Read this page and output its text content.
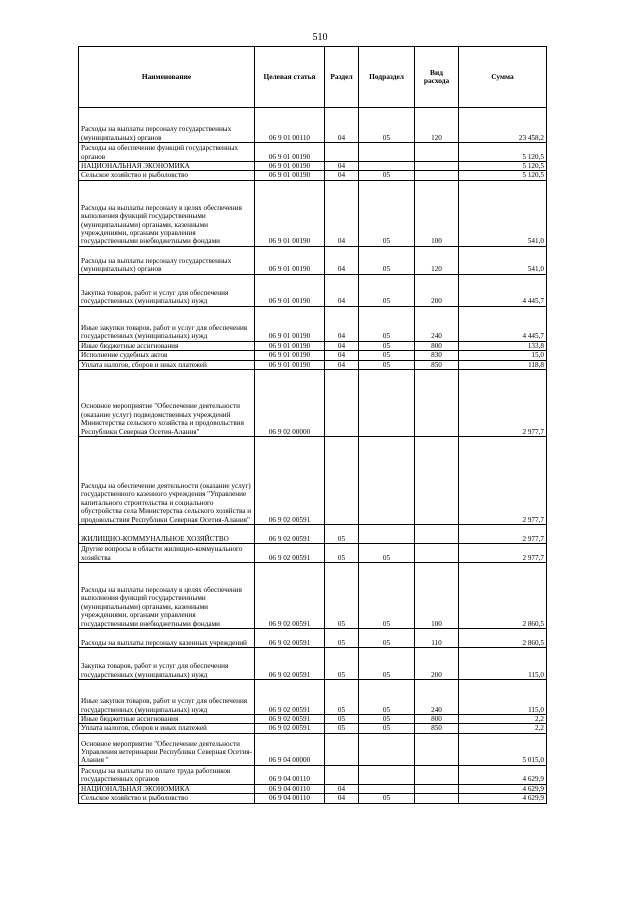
510
Наименование	Целевая статья	Раздел	Подраздел	Вид расхода	Сумма
Расходы на выплаты персоналу государственных (муниципальных) органов	06 9 01 00110	04	05	120	23 458,2
Расходы на обеспечение функций государственных органов	06 9 01 00190				5 120,5
НАЦИОНАЛЬНАЯ ЭКОНОМИКА	06 9 01 00190	04			5 120,5
Сельское хозяйство и рыболовство	06 9 01 00190	04	05		5 120,5
Расходы на выплаты персоналу в целях обеспечения выполнения функций государственными (муниципальными) органами, казенными учреждениями, органами управления государственными внебюджетными фондами	06 9 01 00190	04	05	100	541,0
Расходы на выплаты персоналу государственных (муниципальных) органов	06 9 01 00190	04	05	120	541,0
Закупка товаров, работ и услуг для обеспечения государственных (муниципальных) нужд	06 9 01 00190	04	05	200	4 445,7
Иные закупки товаров, работ и услуг для обеспечения государственных (муниципальных) нужд	06 9 01 00190	04	05	240	4 445,7
Иные бюджетные ассигнования	06 9 01 00190	04	05	800	133,8
Исполнение судебных актов	06 9 01 00190	04	05	830	15,0
Уплата налогов, сборов и иных платежей	06 9 01 00190	04	05	850	118,8
Основное мероприятие "Обеспечение деятельности (оказание услуг) подведомственных учреждений Министерства сельского хозяйства и продовольствия Республики Северная Осетия-Алания"	06 9 02 00000				2 977,7
Расходы на обеспечение деятельности (оказание услуг) государственного казенного учреждения "Управление капитального строительства и социального обустройства села Министерства сельского хозяйства и продовольствия Республики Северная Осетия-Алания"	06 9 02 00591				2 977,7
ЖИЛИЩНО-КОММУНАЛЬНОЕ ХОЗЯЙСТВО	06 9 02 00591	05			2 977,7
Другие вопросы в области жилищно-коммунального хозяйства	06 9 02 00591	05	05		2 977,7
Расходы на выплаты персоналу в целях обеспечения выполнения функций государственными (муниципальными) органами, казенными учреждениями, органами управления государственными внебюджетными фондами	06 9 02 00591	05	05	100	2 860,5
Расходы на выплаты персоналу казенных учреждений	06 9 02 00591	05	05	110	2 860,5
Закупка товаров, работ и услуг для обеспечения государственных (муниципальных) нужд	06 9 02 00591	05	05	200	115,0
Иные закупки товаров, работ и услуг для обеспечения государственных (муниципальных) нужд	06 9 02 00591	05	05	240	115,0
Иные бюджетные ассигнования	06 9 02 00591	05	05	800	2,2
Уплата налогов, сборов и иных платежей	06 9 02 00591	05	05	850	2,2
Основное мероприятие "Обеспечение деятельности Управления ветеринарии Республики Северная Осетия-Алания "	06 9 04 00000				5 015,0
Расходы на выплаты по оплате труда работников государственных органов	06 9 04 00110				4 629,9
НАЦИОНАЛЬНАЯ ЭКОНОМИКА	06 9 04 00110	04			4 629,9
Сельское хозяйство и рыболовство	06 9 04 00110	04	05		4 629,9
